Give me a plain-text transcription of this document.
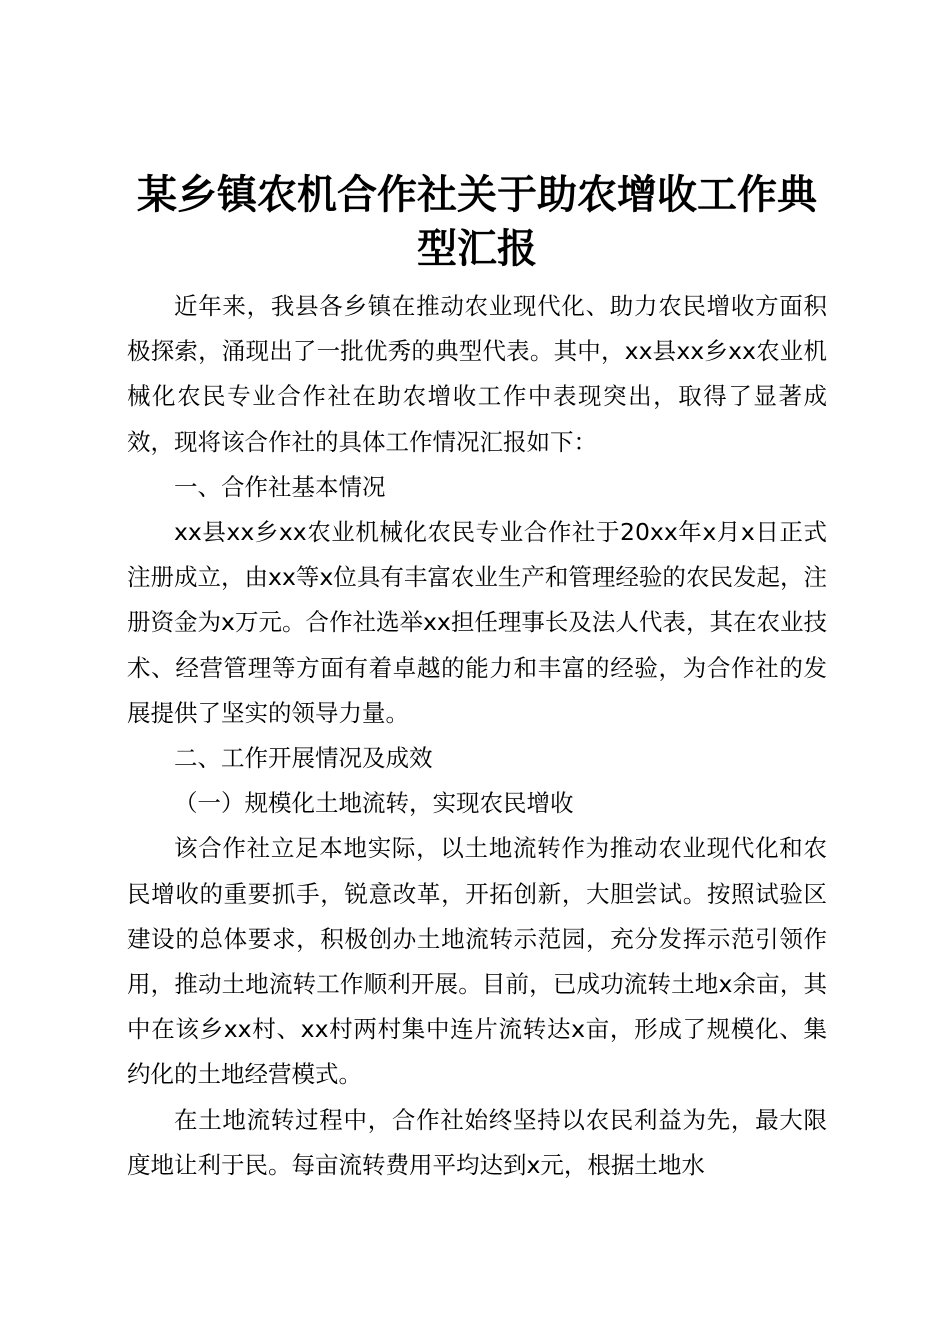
某乡镇农机合作社关于助农增收工作典型汇报

近年来，我县各乡镇在推动农业现代化、助力农民增收方面积极探索，涌现出了一批优秀的典型代表。其中，xx县xx乡xx农业机械化农民专业合作社在助农增收工作中表现突出，取得了显著成效，现将该合作社的具体工作情况汇报如下：

一、合作社基本情况

xx县xx乡xx农业机械化农民专业合作社于20xx年x月x日正式注册成立，由xx等x位具有丰富农业生产和管理经验的农民发起，注册资金为x万元。合作社选举xx担任理事长及法人代表，其在农业技术、经营管理等方面有着卓越的能力和丰富的经验，为合作社的发展提供了坚实的领导力量。

二、工作开展情况及成效

（一）规模化土地流转，实现农民增收

该合作社立足本地实际，以土地流转作为推动农业现代化和农民增收的重要抓手，锐意改革，开拓创新，大胆尝试。按照试验区建设的总体要求，积极创办土地流转示范园，充分发挥示范引领作用，推动土地流转工作顺利开展。目前，已成功流转土地x余亩，其中在该乡xx村、xx村两村集中连片流转达x亩，形成了规模化、集约化的土地经营模式。

在土地流转过程中，合作社始终坚持以农民利益为先，最大限度地让利于民。每亩流转费用平均达到x元，根据土地水
